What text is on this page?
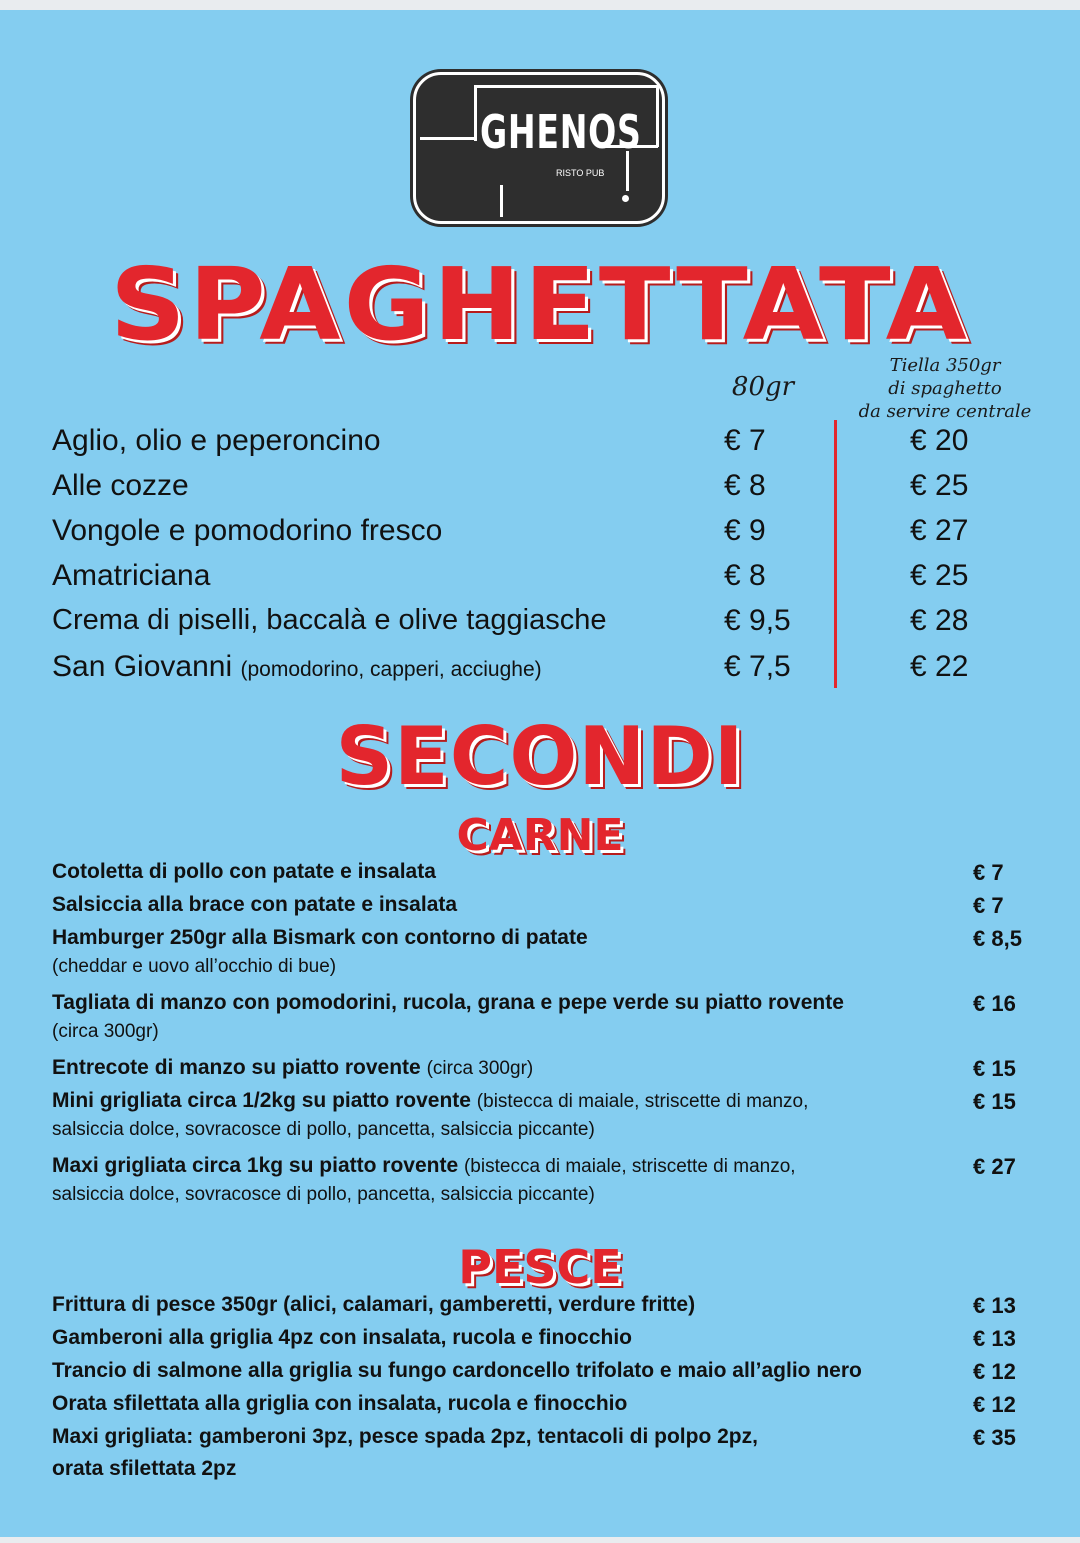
GHENOS
RISTO PUB
SPAGHETTATA
80gr
Tiella 350gr
di spaghetto
da servire centrale
Aglio, olio e peperoncino	€ 7	€ 20
Alle cozze	€ 8	€ 25
Vongole e pomodorino fresco	€ 9	€ 27
Amatriciana	€ 8	€ 25
Crema di piselli, baccalà e olive taggiasche	€ 9,5	€ 28
San Giovanni (pomodorino, capperi, acciughe)	€ 7,5	€ 22
SECONDI
CARNE
Cotoletta di pollo con patate e insalata	€ 7
Salsiccia alla brace con patate e insalata	€ 7
Hamburger 250gr alla Bismark con contorno di patate
(cheddar e uovo all’occhio di bue)
€ 8,5
Tagliata di manzo con pomodorini, rucola, grana e pepe verde su piatto rovente
(circa 300gr)
€ 16
Entrecote di manzo su piatto rovente (circa 300gr)	€ 15
Mini grigliata circa 1/2kg su piatto rovente (bistecca di maiale, striscette di manzo,
salsiccia dolce, sovracosce di pollo, pancetta, salsiccia piccante)
€ 15
Maxi grigliata circa 1kg su piatto rovente (bistecca di maiale, striscette di manzo,
salsiccia dolce, sovracosce di pollo, pancetta, salsiccia piccante)
€ 27
PESCE
Frittura di pesce 350gr (alici, calamari, gamberetti, verdure fritte)	€ 13
Gamberoni alla griglia 4pz con insalata, rucola e finocchio	€ 13
Trancio di salmone alla griglia su fungo cardoncello trifolato e maio all’aglio nero	€ 12
Orata sfilettata alla griglia con insalata, rucola e finocchio	€ 12
Maxi grigliata: gamberoni 3pz, pesce spada 2pz, tentacoli di polpo 2pz,
orata sfilettata 2pz
€ 35
